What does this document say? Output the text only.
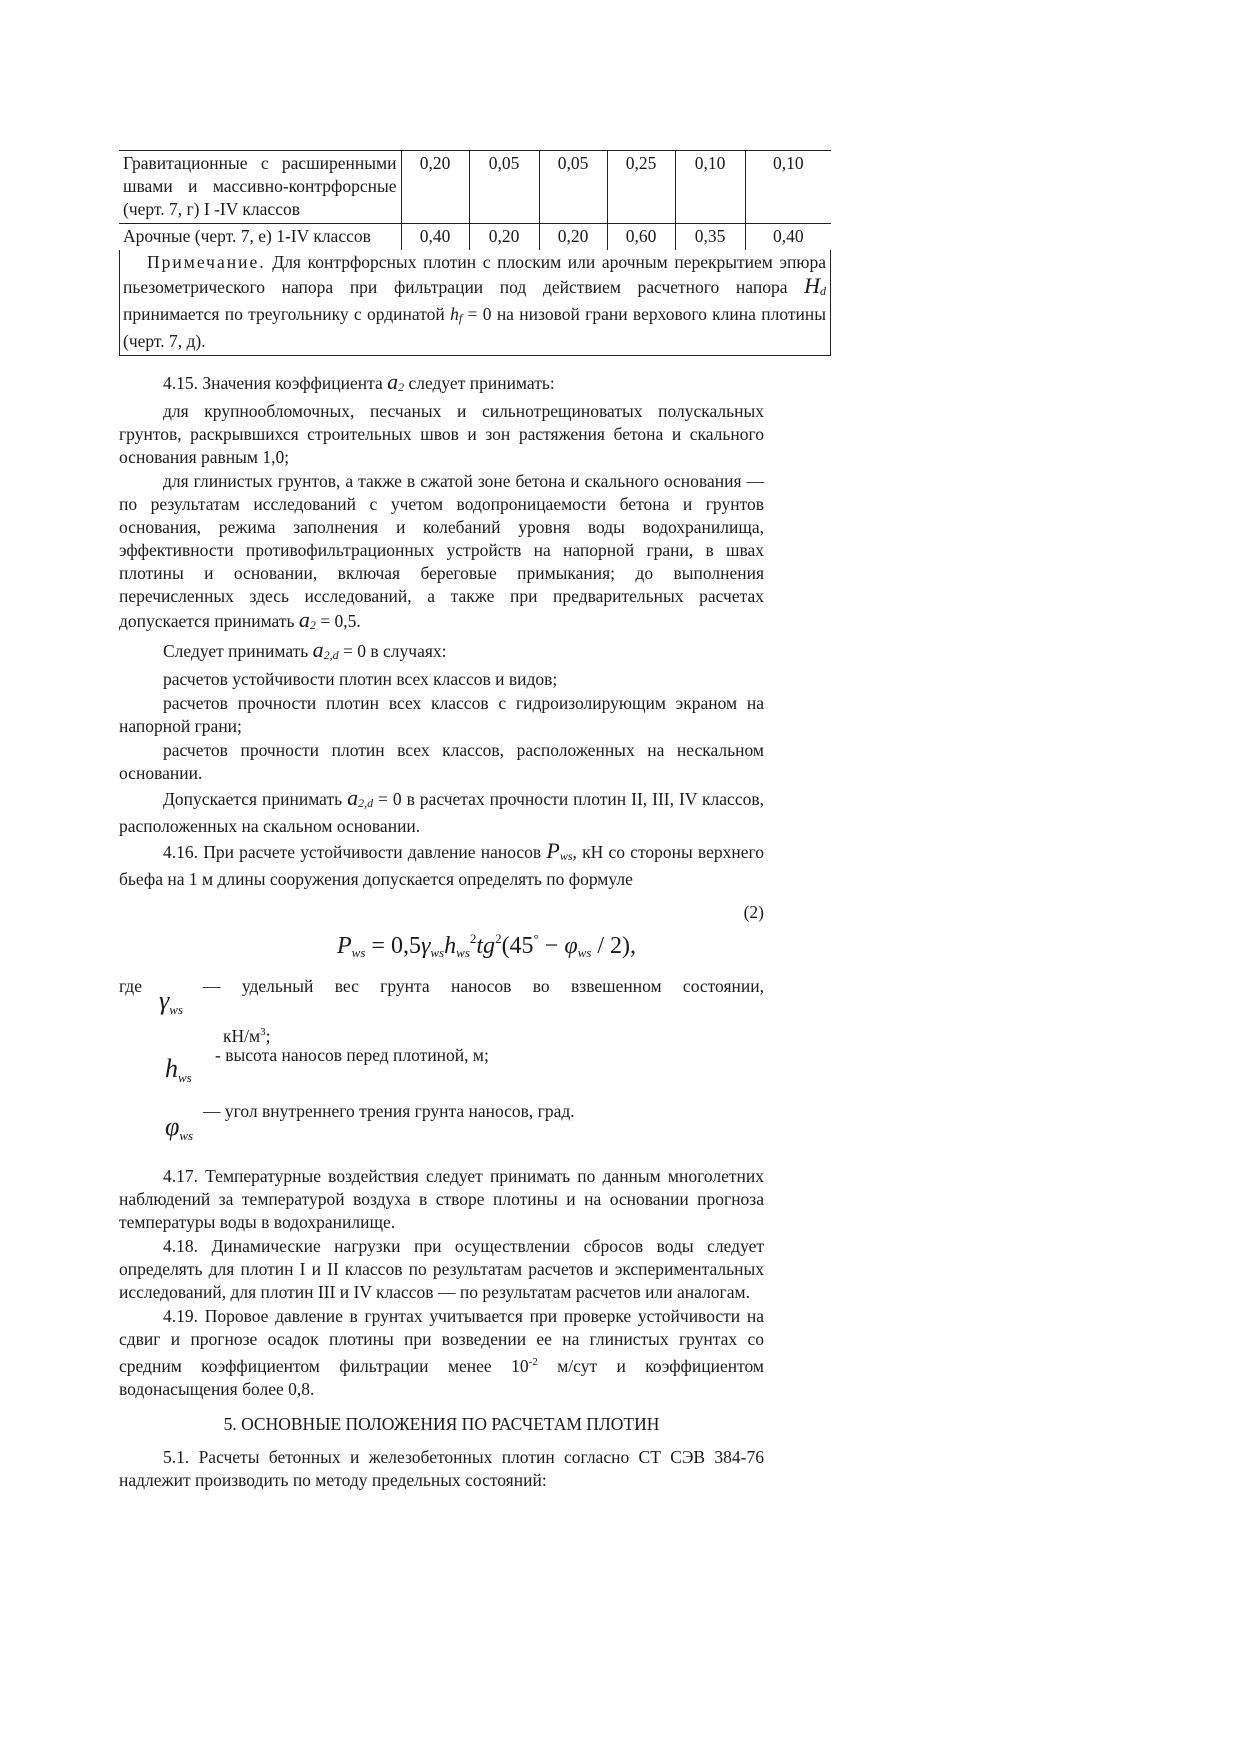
Гравитационные с расширенными швами и массивно-контрфорсные (черт. 7, г) I -IV классов	0,20	0,05	0,05	0,25	0,10	0,10
Арочные (черт. 7, е) 1-IV классов	0,40	0,20	0,20	0,60	0,35	0,40
Примечание. Для контрфорсных плотин с плоским или арочным перекрытием эпюра пьезометрического напора при фильтрации под действием расчетного напора Hd принимается по треугольнику с ординатой hf = 0 на низовой грани верхового клина плотины (черт. 7, д).

4.15. Значения коэффициента a2 следует принимать:

для крупнообломочных, песчаных и сильнотрещиноватых полускальных грунтов, раскрывшихся строительных швов и зон растяжения бетона и скального основания равным 1,0;

для глинистых грунтов, а также в сжатой зоне бетона и скального основания — по результатам исследований с учетом водопроницаемости бетона и грунтов основания, режима заполнения и колебаний уровня воды водохранилища, эффективности противофильтрационных устройств на напорной грани, в швах плотины и основании, включая береговые примыкания; до выполнения перечисленных здесь исследований, а также при предварительных расчетах допускается принимать a2 = 0,5.

Следует принимать a2,d = 0 в случаях:

расчетов устойчивости плотин всех классов и видов;

расчетов прочности плотин всех классов с гидроизолирующим экраном на напорной грани;

расчетов прочности плотин всех классов, расположенных на нескальном основании.

Допускается принимать a2,d = 0 в расчетах прочности плотин II, III, IV классов, расположенных на скальном основании.

4.16. При расчете устойчивости давление наносов Pws, кН со стороны верхнего бьефа на 1 м длины сооружения допускается определять по формуле

(2)
Pws = $0,5\gamma wshws^2tg^2(45^\circ - \varphi ws / 2)$,
где	— удельный вес грунта наносов во взвешенном состоянии,
γws
$кН/м^3$;
- высота наносов перед плотиной, м;
hws
— угол внутреннего трения грунта наносов, град.
φws

4.17. Температурные воздействия следует принимать по данным многолетних наблюдений за температурой воздуха в створе плотины и на основании прогноза температуры воды в водохранилище.

4.18. Динамические нагрузки при осуществлении сбросов воды следует определять для плотин I и II классов по результатам расчетов и экспериментальных исследований, для плотин III и IV классов — по результатам расчетов или аналогам.

4.19. Поровое давление в грунтах учитывается при проверке устойчивости на сдвиг и прогнозе осадок плотины при возведении ее на глинистых грунтах со средним коэффициентом фильтрации менее $10^{-2}$ м/сут и коэффициентом водонасыщения более 0,8.

5. ОСНОВНЫЕ ПОЛОЖЕНИЯ ПО РАСЧЕТАМ ПЛОТИН

5.1. Расчеты бетонных и железобетонных плотин согласно СТ СЭВ 384-76 надлежит производить по методу предельных состояний:
